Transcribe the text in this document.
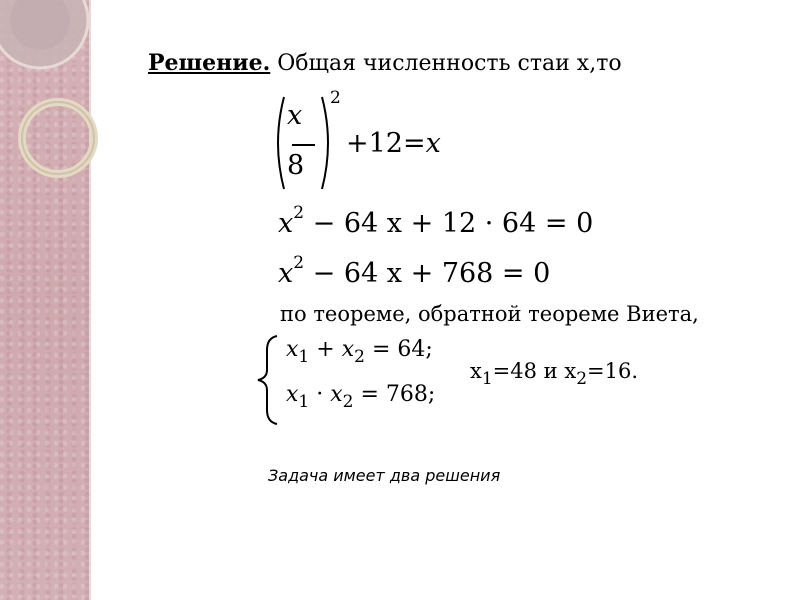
Решение. Общая численность стаи x,то
x
8
2
+12=x
$x^2 - 64$ x + 12 · 64 = 0
$x^2 - 64$ x + 768 = 0
по теореме, обратной теореме Виета,
$x_1 + x_2 = 64$;
$x_1 \cdot x_2 = 768$;
$x_1=48$ и $x_2=16$.
Задача имеет два решения
